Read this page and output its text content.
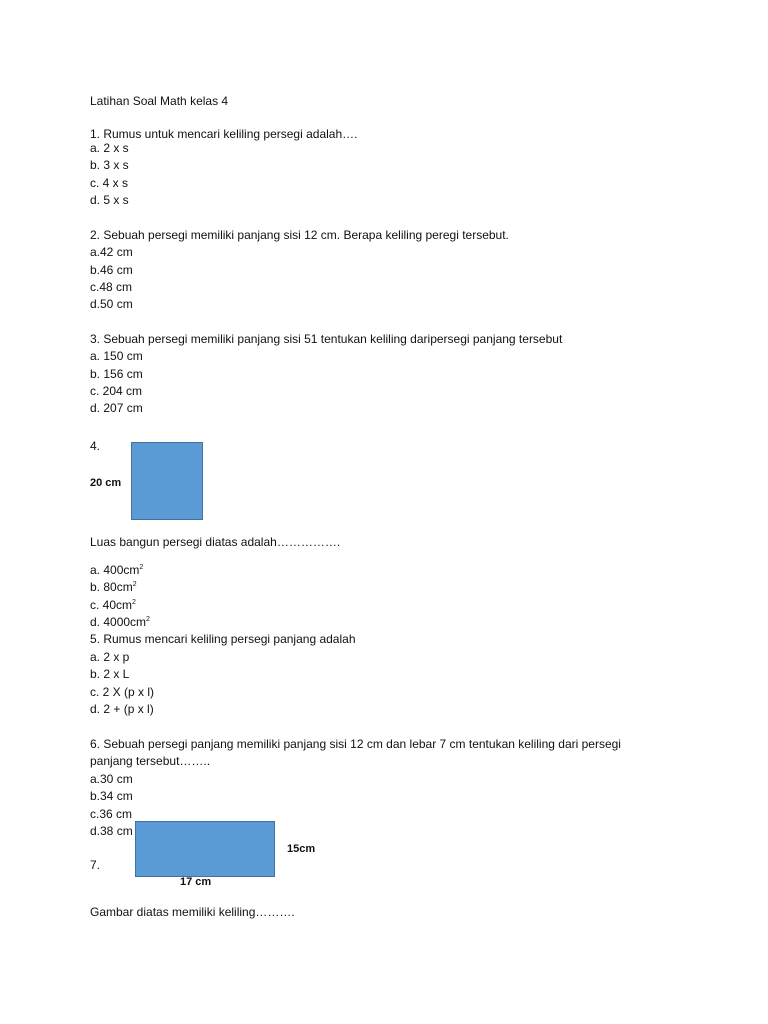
Latihan Soal Math kelas 4

1. Rumus untuk mencari keliling persegi adalah….

a. 2 x s

b. 3 x s

c. 4 x s

d. 5 x s

2. Sebuah persegi memiliki panjang sisi 12 cm. Berapa keliling peregi tersebut.

a.42 cm

b.46 cm

c.48 cm

d.50 cm

3. Sebuah persegi memiliki panjang sisi 51 tentukan keliling daripersegi panjang tersebut

a. 150 cm

b. 156 cm

c. 204 cm

d. 207 cm

4.

20 cm

Luas bangun persegi diatas adalah…………….

a. $400cm^2$

b. $80cm^2$

c. $40cm^2$

d. $4000cm^2$

5. Rumus mencari keliling persegi panjang adalah

a. 2 x p

b. 2 x L

c. 2 X (p x l)

d. 2 + (p x l)

6. Sebuah persegi panjang memiliki panjang sisi 12 cm dan lebar 7 cm tentukan keliling dari persegi

panjang tersebut……..

a.30 cm

b.34 cm

c.36 cm

d.38 cm

15cm

7.

17 cm

Gambar diatas memiliki keliling……….
